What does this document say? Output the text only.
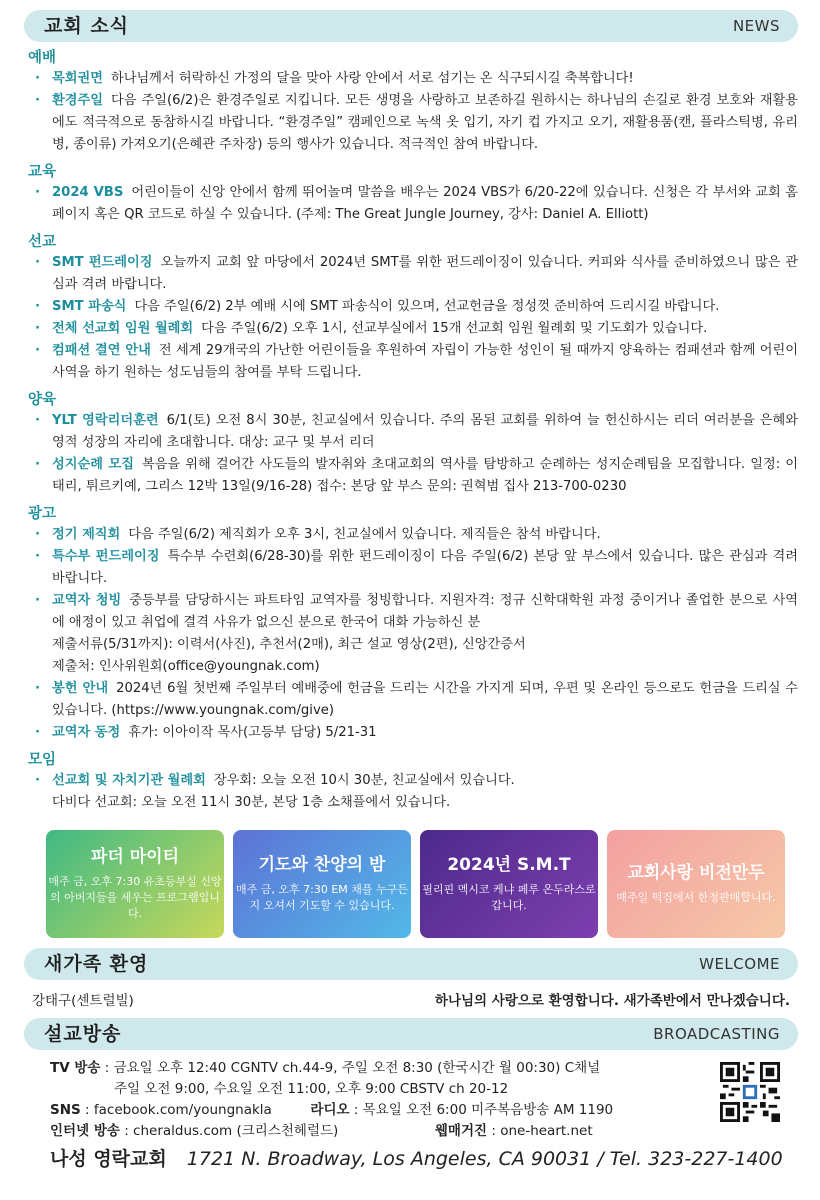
교회 소식	NEWS
예배
· 목회권면 하나님께서 허락하신 가정의 달을 맞아 사랑 안에서 서로 섬기는 온 식구되시길 축복합니다!
· 환경주일 다음 주일(6/2)은 환경주일로 지킵니다. 모든 생명을 사랑하고 보존하길 원하시는 하나님의 손길로 환경 보호와 재활용에도 적극적으로 동참하시길 바랍니다. “환경주일” 캠페인으로 녹색 옷 입기, 자기 컵 가지고 오기, 재활용품(캔, 플라스틱병, 유리병, 종이류) 가져오기(은혜관 주차장) 등의 행사가 있습니다. 적극적인 참여 바랍니다.
교육
· 2024 VBS 어린이들이 신앙 안에서 함께 뛰어놀며 말씀을 배우는 2024 VBS가 6/20-22에 있습니다. 신청은 각 부서와 교회 홈페이지 혹은 QR 코드로 하실 수 있습니다. (주제: The Great Jungle Journey, 강사: Daniel A. Elliott)
선교
· SMT 펀드레이징 오늘까지 교회 앞 마당에서 2024년 SMT를 위한 펀드레이징이 있습니다. 커피와 식사를 준비하였으니 많은 관심과 격려 바랍니다.
· SMT 파송식 다음 주일(6/2) 2부 예배 시에 SMT 파송식이 있으며, 선교헌금을 정성껏 준비하여 드리시길 바랍니다.
· 전체 선교회 임원 월례회 다음 주일(6/2) 오후 1시, 선교부실에서 15개 선교회 임원 월례회 및 기도회가 있습니다.
· 컴패션 결연 안내 전 세계 29개국의 가난한 어린이들을 후원하여 자립이 가능한 성인이 될 때까지 양육하는 컴패션과 함께 어린이 사역을 하기 원하는 성도님들의 참여를 부탁 드립니다.
양육
· YLT 영락리더훈련 6/1(토) 오전 8시 30분, 친교실에서 있습니다. 주의 몸된 교회를 위하여 늘 헌신하시는 리더 여러분을 은혜와 영적 성장의 자리에 초대합니다. 대상: 교구 및 부서 리더
· 성지순례 모집 복음을 위해 걸어간 사도들의 발자취와 초대교회의 역사를 탐방하고 순례하는 성지순례팀을 모집합니다. 일정: 이태리, 튀르키예, 그리스 12박 13일(9/16-28) 접수: 본당 앞 부스 문의: 권혁범 집사 213-700-0230
광고
· 정기 제직회 다음 주일(6/2) 제직회가 오후 3시, 친교실에서 있습니다. 제직들은 참석 바랍니다.
· 특수부 펀드레이징 특수부 수련회(6/28-30)를 위한 펀드레이징이 다음 주일(6/2) 본당 앞 부스에서 있습니다. 많은 관심과 격려 바랍니다.
· 교역자 청빙 중등부를 담당하시는 파트타임 교역자를 청빙합니다. 지원자격: 정규 신학대학원 과정 중이거나 졸업한 분으로 사역에 애정이 있고 취업에 결격 사유가 없으신 분으로 한국어 대화 가능하신 분
제출서류(5/31까지): 이력서(사진), 추천서(2매), 최근 설교 영상(2편), 신앙간증서
제출처: 인사위원회(office@youngnak.com)
· 봉헌 안내 2024년 6월 첫번째 주일부터 예배중에 헌금을 드리는 시간을 가지게 되며, 우편 및 온라인 등으로도 헌금을 드리실 수 있습니다. (https://www.youngnak.com/give)
· 교역자 동정 휴가: 이아이작 목사(고등부 담당) 5/21-31
모임
· 선교회 및 자치기관 월례회 장우회: 오늘 오전 10시 30분, 친교실에서 있습니다.
다비다 선교회: 오늘 오전 11시 30분, 본당 1층 소채플에서 있습니다.
파더 마이티
매주 금, 오후 7:30 유초등부실 신앙의 아버지들을 세우는 프로그램입니다.
기도와 찬양의 밤
매주 금, 오후 7:30 EM 채플 누구든지 오셔서 기도할 수 있습니다.
2024년 S.M.T
필리핀 멕시코 케냐 페루 온두라스로 갑니다.
교회사랑 비전만두
매주일 떡집에서 한정판매합니다.
새가족 환영	WELCOME
강태구(센트럴빌)	하나님의 사랑으로 환영합니다. 새가족반에서 만나겠습니다.
설교방송	BROADCASTING
TV 방송 : 금요일 오후 12:40 CGNTV ch.44-9, 주일 오전 8:30 (한국시간 월 00:30) C채널
주일 오전 9:00, 수요일 오전 11:00, 오후 9:00 CBSTV ch 20-12
SNS : facebook.com/youngnakla	라디오 : 목요일 오전 6:00 미주복음방송 AM 1190
인터넷 방송 : cheraldus.com (크리스천헤럴드)	웹매거진 : one-heart.net
나성 영락교회 1721 N. Broadway, Los Angeles, CA 90031 / Tel. 323-227-1400
